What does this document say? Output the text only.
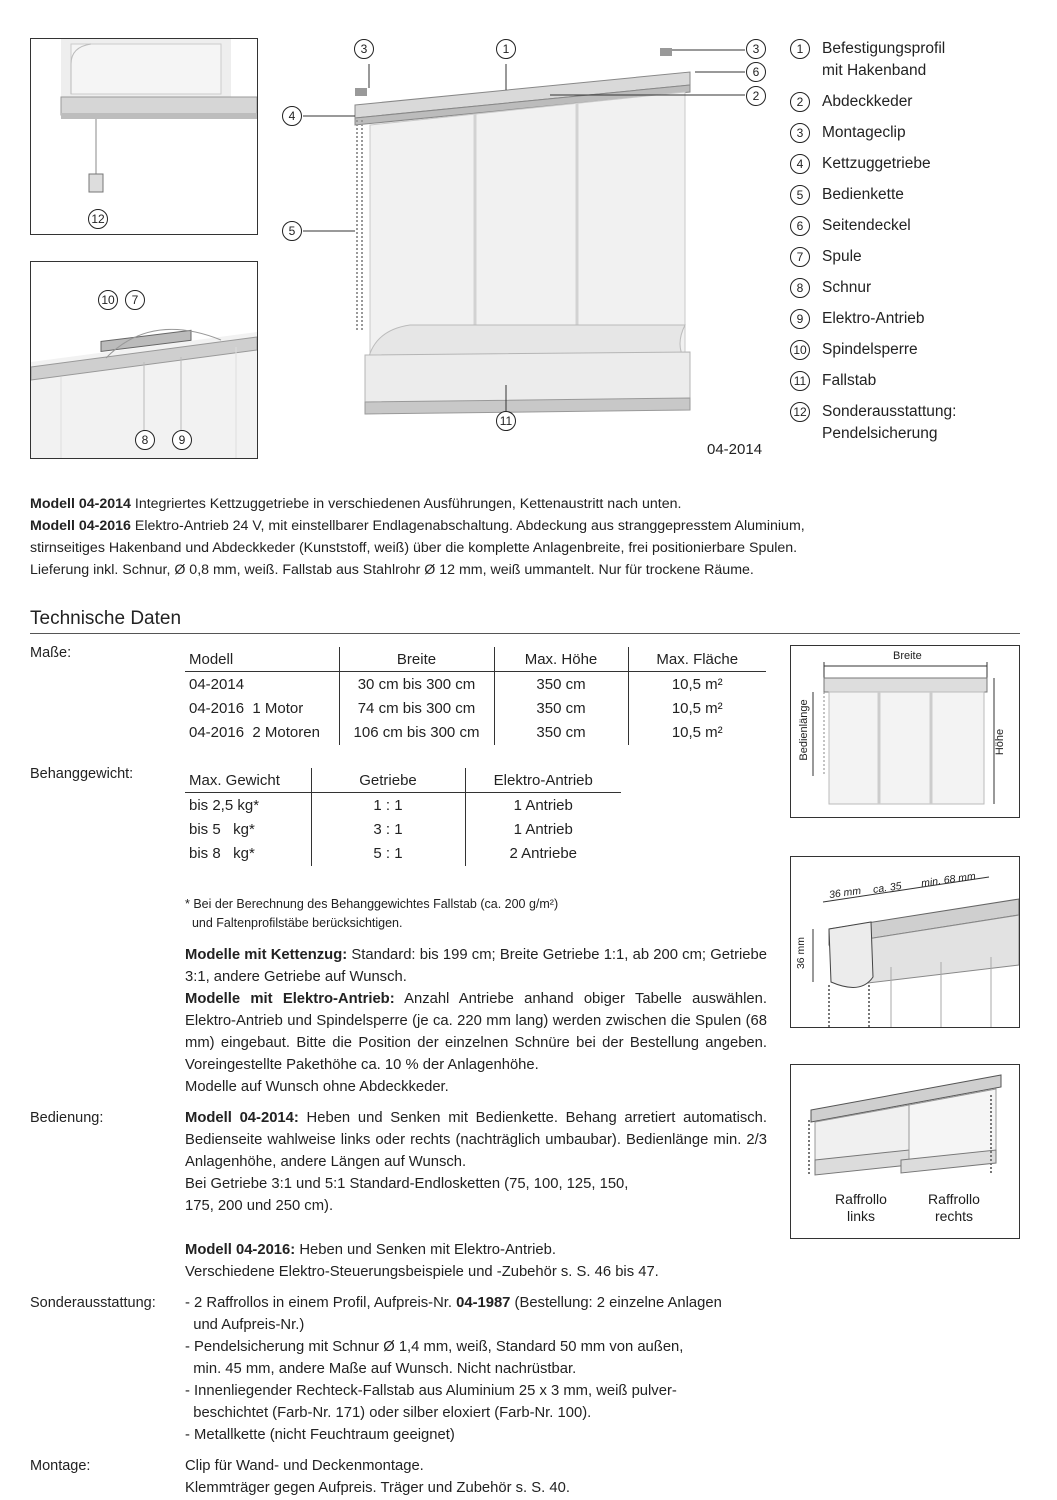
12
10	7
8	9
3	1	3
6
2
4
5
11
04-2014
1	Befestigungsprofil
mit Hakenband
2	Abdeckkeder
3	Montageclip
4	Kettzuggetriebe
5	Bedienkette
6	Seitendeckel
7	Spule
8	Schnur
9	Elektro-Antrieb
10 Spindelsperre
11 Fallstab
12 Sonderausstattung:
Pendelsicherung
Modell 04-2014 Integriertes Kettzuggetriebe in verschiedenen Ausführungen, Kettenaustritt nach unten.
Modell 04-2016 Elektro-Antrieb 24 V, mit einstellbarer Endlagenabschaltung. Abdeckung aus stranggepresstem Aluminium,
stirnseitiges Hakenband und Abdeckkeder (Kunststoff, weiß) über die komplette Anlagenbreite, frei positionierbare Spulen.
Lieferung inkl. Schnur, Ø 0,8 mm, weiß. Fallstab aus Stahlrohr Ø 12 mm, weiß ummantelt. Nur für trockene Räume.
Technische Daten
Maße:	Modell	Breite	Max. Höhe	Max. Fläche
04-2014	30 cm bis 300 cm	350 cm	10,5 m²
04-2016  1 Motor	74 cm bis 300 cm	350 cm	10,5 m²
04-2016  2 Motoren	106 cm bis 300 cm	350 cm	10,5 m²
Behanggewicht:	Max. Gewicht	Getriebe	Elektro-Antrieb
bis 2,5 kg*	1 : 1	1 Antrieb
bis 5   kg*	3 : 1	1 Antrieb
bis 8   kg*	5 : 1	2 Antriebe
* Bei der Berechnung des Behanggewichtes Fallstab (ca. 200 g/m²)
und Faltenprofilstäbe berücksichtigen.
Modelle mit Kettenzug: Standard: bis 199 cm; Breite Getriebe 1:1, ab 200 cm; Getriebe 3:1, andere Getriebe auf Wunsch.
Modelle mit Elektro-Antrieb: Anzahl Antriebe anhand obiger Tabelle auswählen. Elektro-Antrieb und Spindelsperre (je ca. 220 mm lang) werden zwischen die Spulen (68 mm) eingebaut. Bitte die Position der einzelnen Schnüre bei der Bestellung angeben. Voreingestellte Pakethöhe ca. 10 % der Anlagenhöhe.
Modelle auf Wunsch ohne Abdeckkeder.
Bedienung:	Modell 04-2014: Heben und Senken mit Bedienkette. Behang arretiert automatisch. Bedienseite wahlweise links oder rechts (nachträglich umbaubar). Bedienlänge min. 2/3 Anlagenhöhe, andere Längen auf Wunsch.
Bei Getriebe 3:1 und 5:1 Standard-Endlosketten (75, 100, 125, 150,
175, 200 und 250 cm).
Modell 04-2016: Heben und Senken mit Elektro-Antrieb.
Verschiedene Elektro-Steuerungsbeispiele und -Zubehör s. S. 46 bis 47.
Sonderausstattung: - 2 Raffrollos in einem Profil, Aufpreis-Nr. 04-1987 (Bestellung: 2 einzelne Anlagen
und Aufpreis-Nr.)
- Pendelsicherung mit Schnur Ø 1,4 mm, weiß, Standard 50 mm von außen,
min. 45 mm, andere Maße auf Wunsch. Nicht nachrüstbar.
- Innenliegender Rechteck-Fallstab aus Aluminium 25 x 3 mm, weiß pulver-
beschichtet (Farb-Nr. 171) oder silber eloxiert (Farb-Nr. 100).
- Metallkette (nicht Feuchtraum geeignet)
Montage:	Clip für Wand- und Deckenmontage.
Klemmträger gegen Aufpreis. Träger und Zubehör s. S. 40.
Breite
Bedienlänge	Höhe
36 mm ca. 35 min. 68 mm
36 mm
Raffrollo
links
Raffrollo
rechts
